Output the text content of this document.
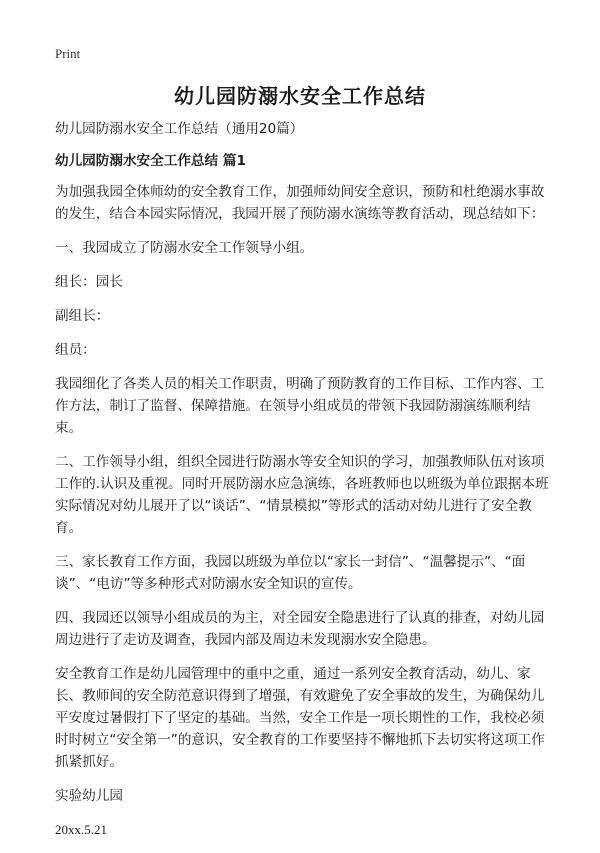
Print
幼儿园防溺水安全工作总结

幼儿园防溺水安全工作总结（通用20篇）

幼儿园防溺水安全工作总结 篇1

为加强我园全体师幼的安全教育工作，加强师幼间安全意识，预防和杜绝溺水事故的发生，结合本园实际情况，我园开展了预防溺水演练等教育活动，现总结如下：

一、我园成立了防溺水安全工作领导小组。

组长：园长

副组长：

组员：

我园细化了各类人员的相关工作职责，明确了预防教育的工作目标、工作内容、工作方法，制订了监督、保障措施。在领导小组成员的带领下我园防溺演练顺利结束。

二、工作领导小组，组织全园进行防溺水等安全知识的学习，加强教师队伍对该项工作的.认识及重视。同时开展防溺水应急演练，各班教师也以班级为单位跟据本班实际情况对幼儿展开了以“谈话”、“情景模拟”等形式的活动对幼儿进行了安全教育。

三、家长教育工作方面，我园以班级为单位以“家长一封信”、“温馨提示”、“面谈”、“电访”等多种形式对防溺水安全知识的宣传。

四、我园还以领导小组成员的为主，对全园安全隐患进行了认真的排查，对幼儿园周边进行了走访及调查，我园内部及周边未发现溺水安全隐患。

安全教育工作是幼儿园管理中的重中之重，通过一系列安全教育活动，幼儿、家长、教师间的安全防范意识得到了增强，有效避免了安全事故的发生，为确保幼儿平安度过暑假打下了坚定的基础。当然，安全工作是一项长期性的工作，我校必须时时树立“安全第一”的意识，安全教育的工作要坚持不懈地抓下去切实将这项工作抓紧抓好。

实验幼儿园

20xx.5.21
